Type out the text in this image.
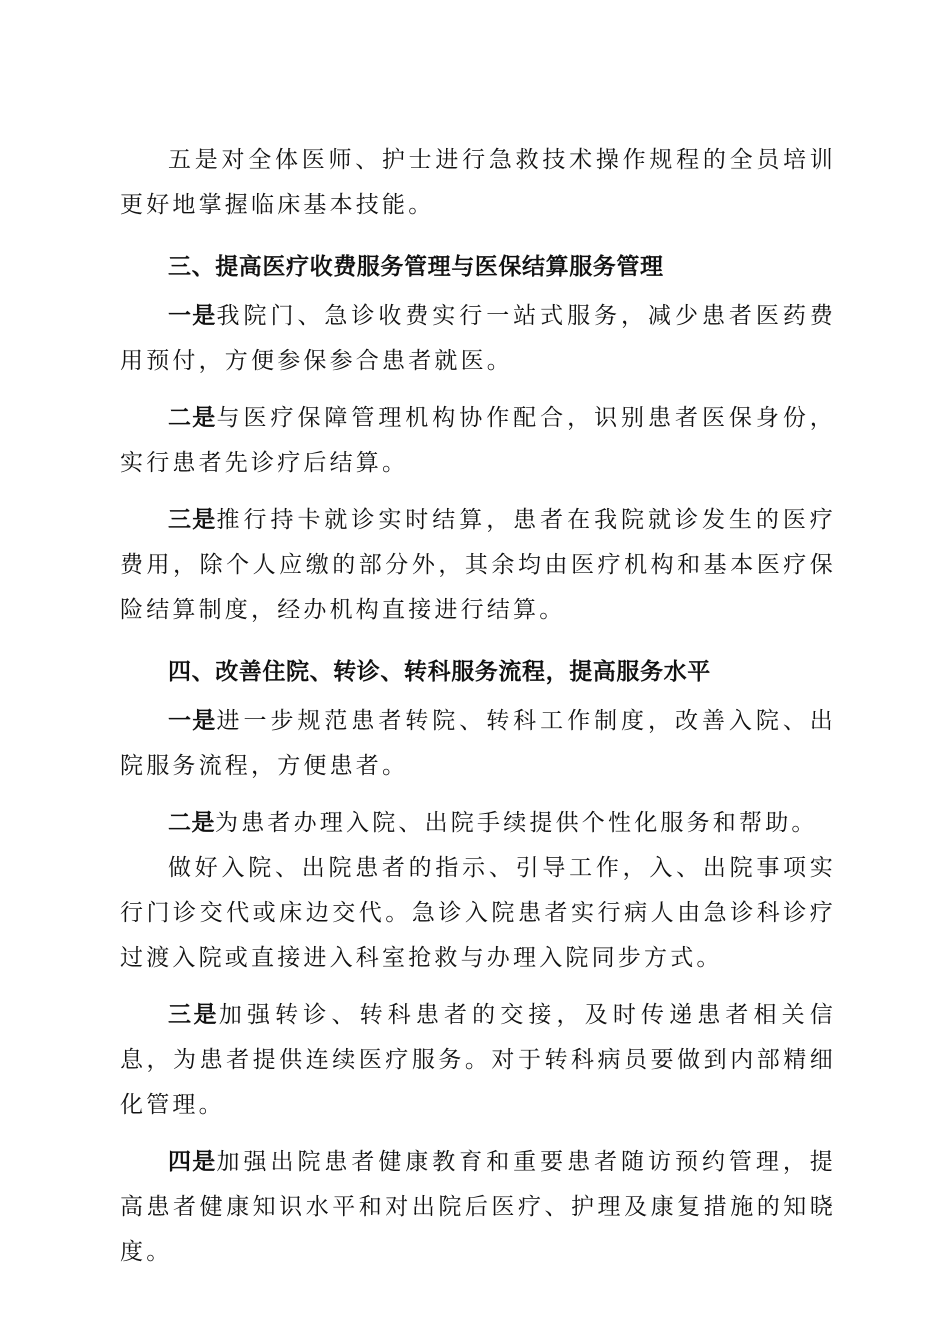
五是对全体医师、护士进行急救技术操作规程的全员培训更好地掌握临床基本技能。

三、提高医疗收费服务管理与医保结算服务管理

一是我院门、急诊收费实行一站式服务，减少患者医药费用预付，方便参保参合患者就医。

二是与医疗保障管理机构协作配合，识别患者医保身份，实行患者先诊疗后结算。

三是推行持卡就诊实时结算，患者在我院就诊发生的医疗费用，除个人应缴的部分外，其余均由医疗机构和基本医疗保险结算制度，经办机构直接进行结算。

四、改善住院、转诊、转科服务流程，提高服务水平

一是进一步规范患者转院、转科工作制度，改善入院、出院服务流程，方便患者。

二是为患者办理入院、出院手续提供个性化服务和帮助。

做好入院、出院患者的指示、引导工作，入、出院事项实行门诊交代或床边交代。急诊入院患者实行病人由急诊科诊疗过渡入院或直接进入科室抢救与办理入院同步方式。

三是加强转诊、转科患者的交接，及时传递患者相关信息，为患者提供连续医疗服务。对于转科病员要做到内部精细化管理。

四是加强出院患者健康教育和重要患者随访预约管理，提高患者健康知识水平和对出院后医疗、护理及康复措施的知晓度。
